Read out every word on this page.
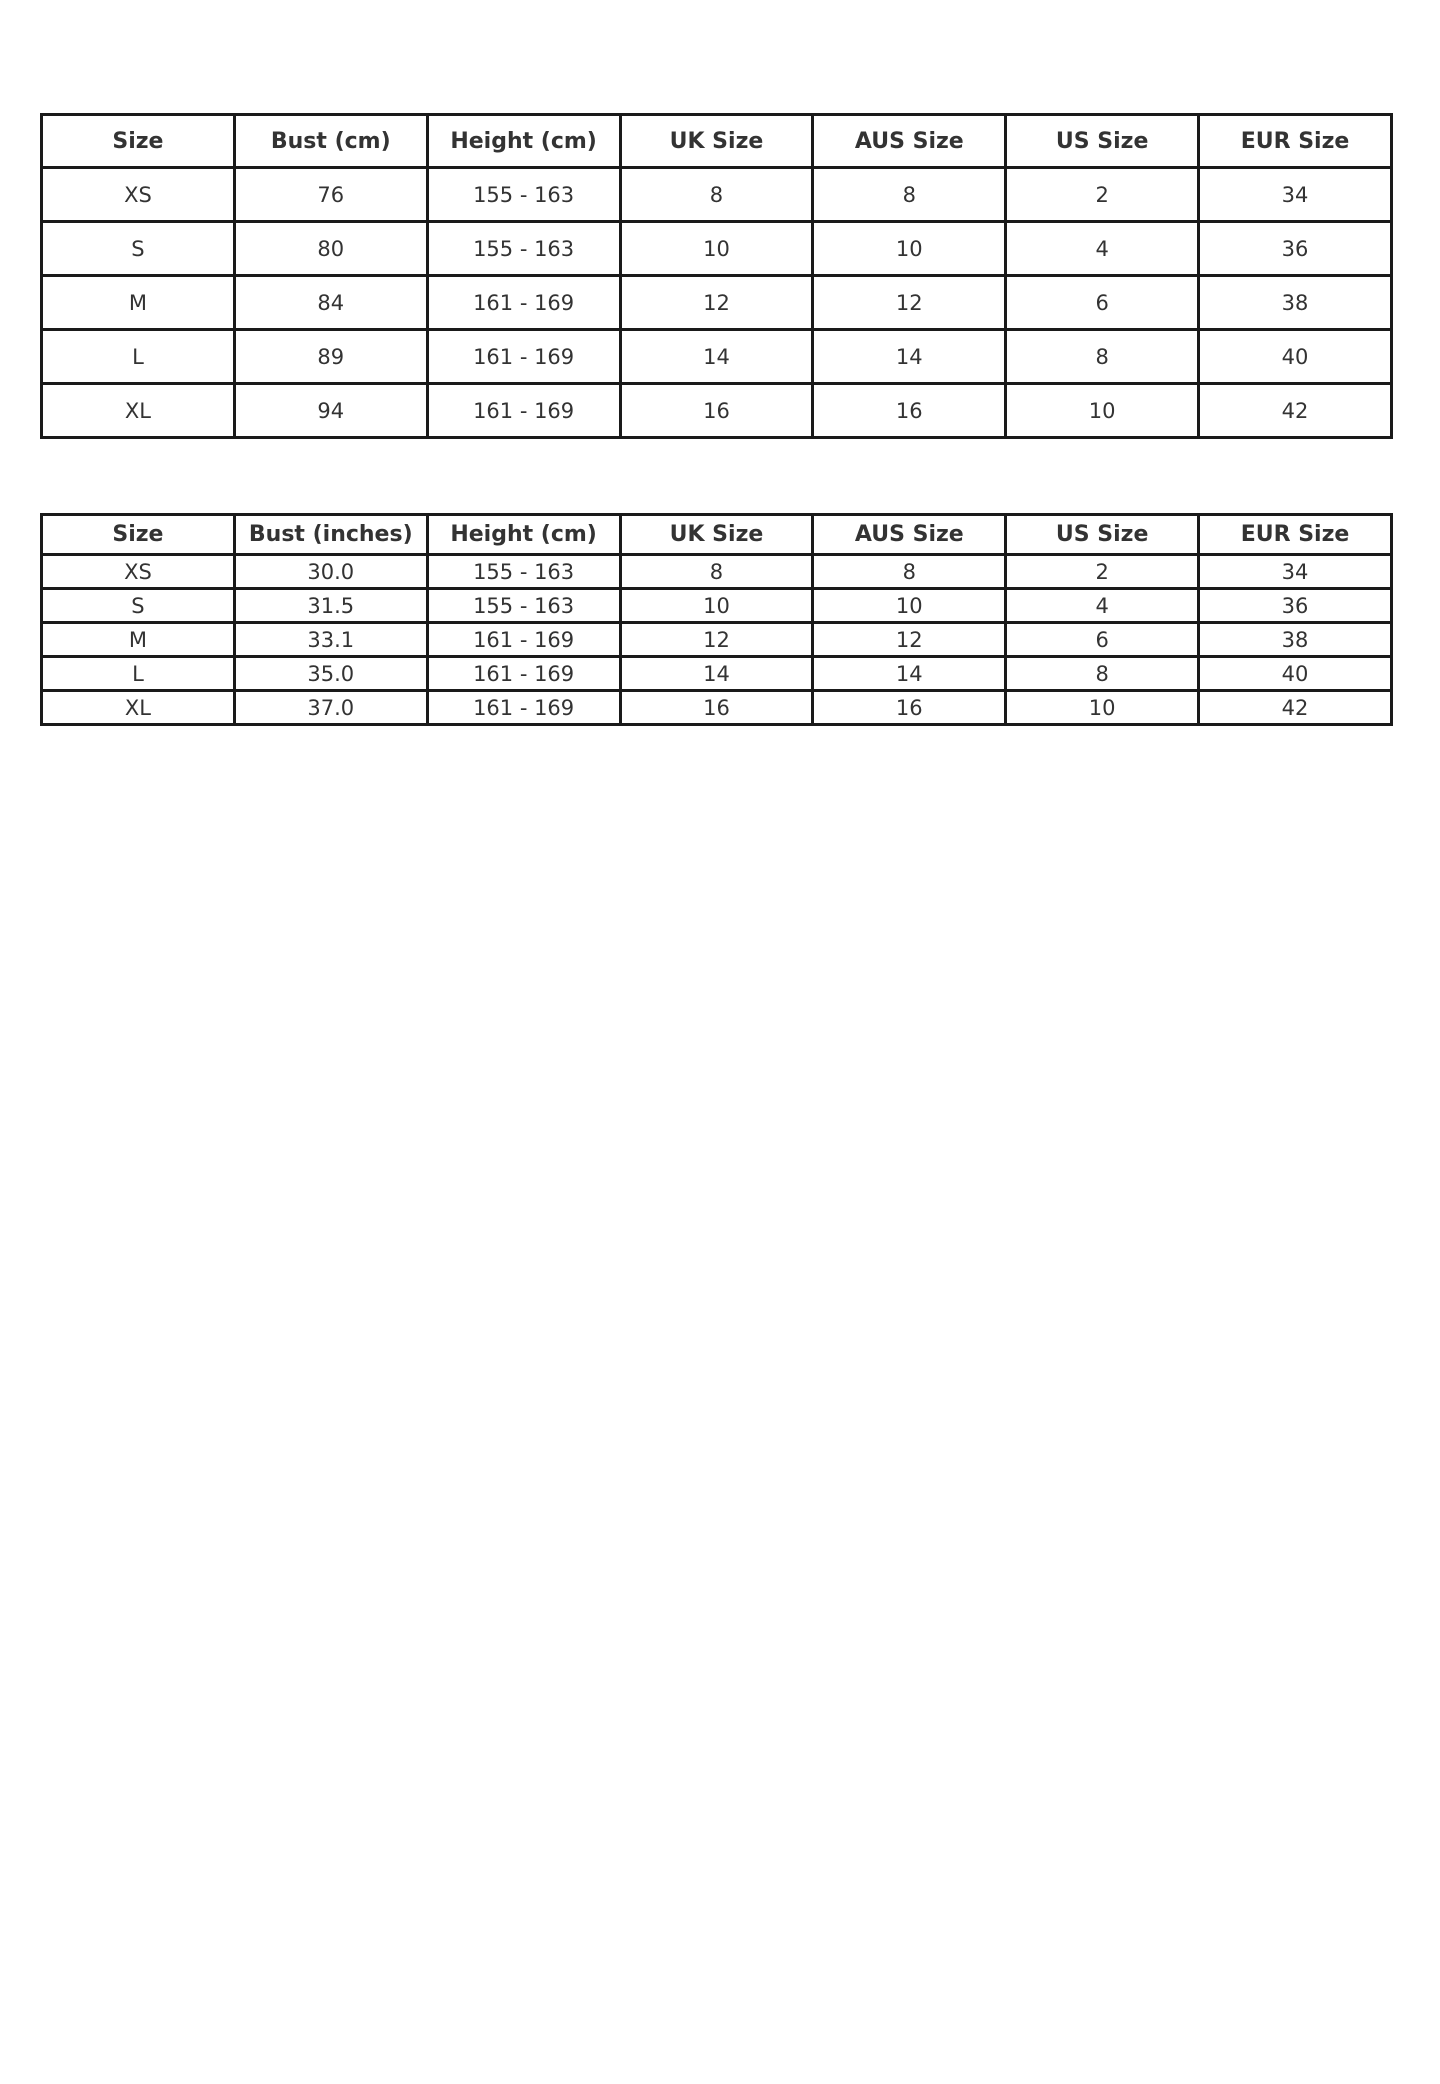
Size	Bust (cm)	Height (cm)	UK Size	AUS Size	US Size	EUR Size
XS	76	155 - 163	8	8	2	34
S	80	155 - 163	10	10	4	36
M	84	161 - 169	12	12	6	38
L	89	161 - 169	14	14	8	40
XL	94	161 - 169	16	16	10	42
Size	Bust (inches)	Height (cm)	UK Size	AUS Size	US Size	EUR Size
XS	30.0	155 - 163	8	8	2	34
S	31.5	155 - 163	10	10	4	36
M	33.1	161 - 169	12	12	6	38
L	35.0	161 - 169	14	14	8	40
XL	37.0	161 - 169	16	16	10	42
